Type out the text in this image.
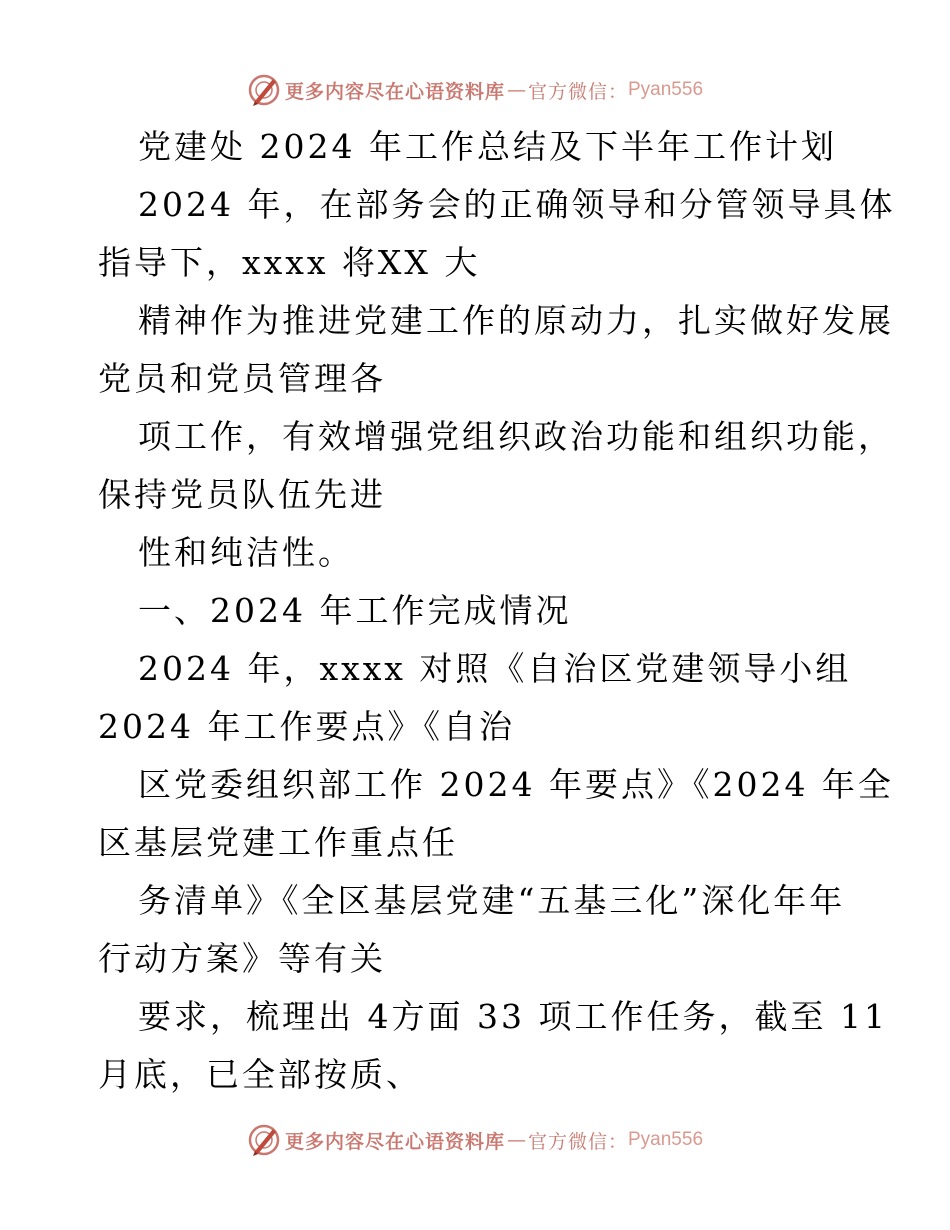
更多内容尽在心语资料库 — 官方微信： Pyan556
党建处 2024 年工作总结及下半年工作计划
2024 年，在部务会的正确领导和分管领导具体
指导下，xxxx 将XX 大
精神作为推进党建工作的原动力，扎实做好发展
党员和党员管理各
项工作，有效增强党组织政治功能和组织功能，
保持党员队伍先进
性和纯洁性。
一、2024 年工作完成情况
2024 年，xxxx 对照《自治区党建领导小组
2024 年工作要点》《自治
区党委组织部工作 2024 年要点》《2024 年全
区基层党建工作重点任
务清单》《全区基层党建“五基三化”深化年年
行动方案》等有关
要求，梳理出 4方面 33 项工作任务，截至 11
月底，已全部按质、
更多内容尽在心语资料库 — 官方微信： Pyan556
